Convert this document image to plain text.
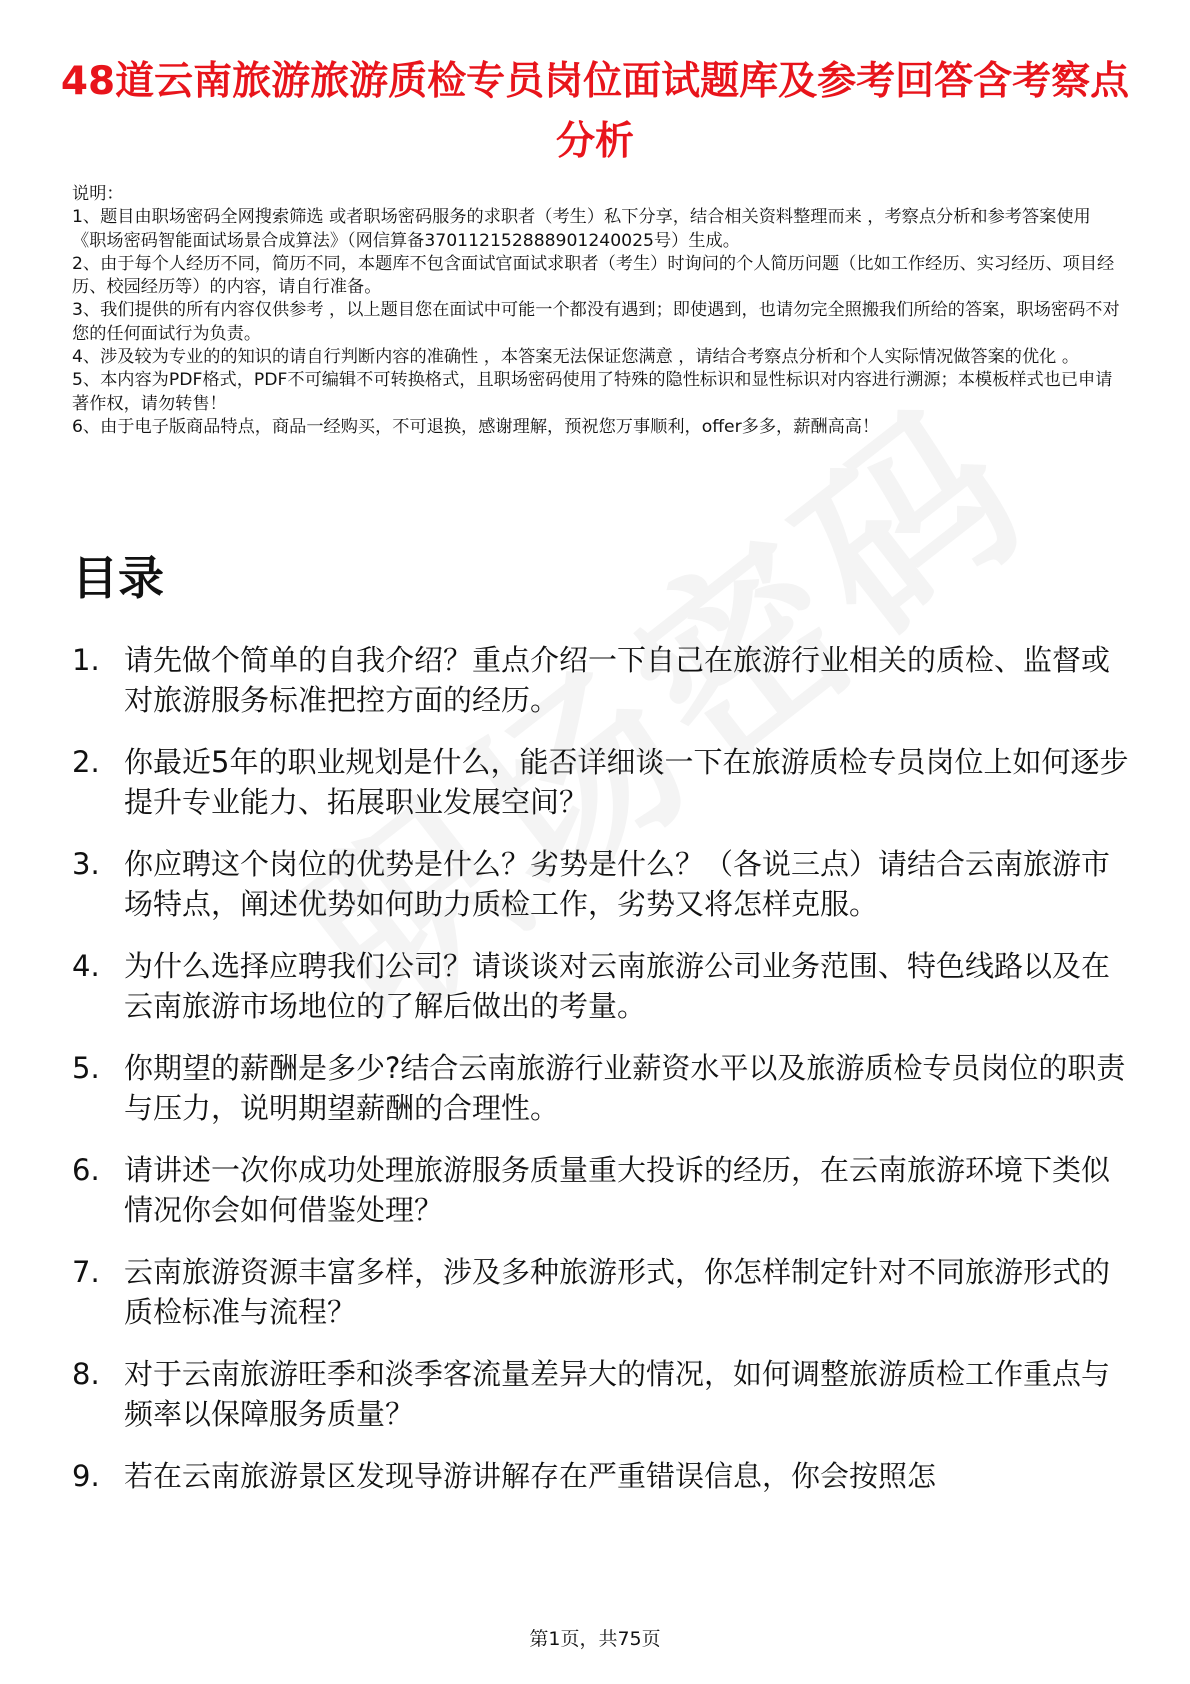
48道云南旅游旅游质检专员岗位面试题库及参考回答含考察点分析

说明：

1、题目由职场密码全网搜索筛选 或者职场密码服务的求职者（考生）私下分享，结合相关资料整理而来 ，考察点分析和参考答案使用《职场密码智能面试场景合成算法》（网信算备370112152888901240025号）生成。

2、由于每个人经历不同，简历不同，本题库不包含面试官面试求职者（考生）时询问的个人简历问题（比如工作经历、实习经历、项目经历、校园经历等）的内容，请自行准备。

3、我们提供的所有内容仅供参考 ，以上题目您在面试中可能一个都没有遇到；即使遇到，也请勿完全照搬我们所给的答案，职场密码不对您的任何面试行为负责。

4、涉及较为专业的的知识的请自行判断内容的准确性 ，本答案无法保证您满意 ，请结合考察点分析和个人实际情况做答案的优化 。

5、本内容为PDF格式，PDF不可编辑不可转换格式，且职场密码使用了特殊的隐性标识和显性标识对内容进行溯源；本模板样式也已申请著作权，请勿转售！

6、由于电子版商品特点，商品一经购买，不可退换，感谢理解，预祝您万事顺利，offer多多，薪酬高高！

目录
1. 请先做个简单的自我介绍？重点介绍一下自己在旅游行业相关的质检、监督或对旅游服务标准把控方面的经历。
2. 你最近5年的职业规划是什么，能否详细谈一下在旅游质检专员岗位上如何逐步提升专业能力、拓展职业发展空间？
3. 你应聘这个岗位的优势是什么？劣势是什么？（各说三点）请结合云南旅游市场特点，阐述优势如何助力质检工作，劣势又将怎样克服。
4. 为什么选择应聘我们公司？请谈谈对云南旅游公司业务范围、特色线路以及在云南旅游市场地位的了解后做出的考量。
5. 你期望的薪酬是多少?结合云南旅游行业薪资水平以及旅游质检专员岗位的职责与压力，说明期望薪酬的合理性。
6. 请讲述一次你成功处理旅游服务质量重大投诉的经历，在云南旅游环境下类似情况你会如何借鉴处理？
7. 云南旅游资源丰富多样，涉及多种旅游形式，你怎样制定针对不同旅游形式的质检标准与流程？
8. 对于云南旅游旺季和淡季客流量差异大的情况，如何调整旅游质检工作重点与频率以保障服务质量？
9. 若在云南旅游景区发现导游讲解存在严重错误信息，你会按照怎
第1页，共75页
